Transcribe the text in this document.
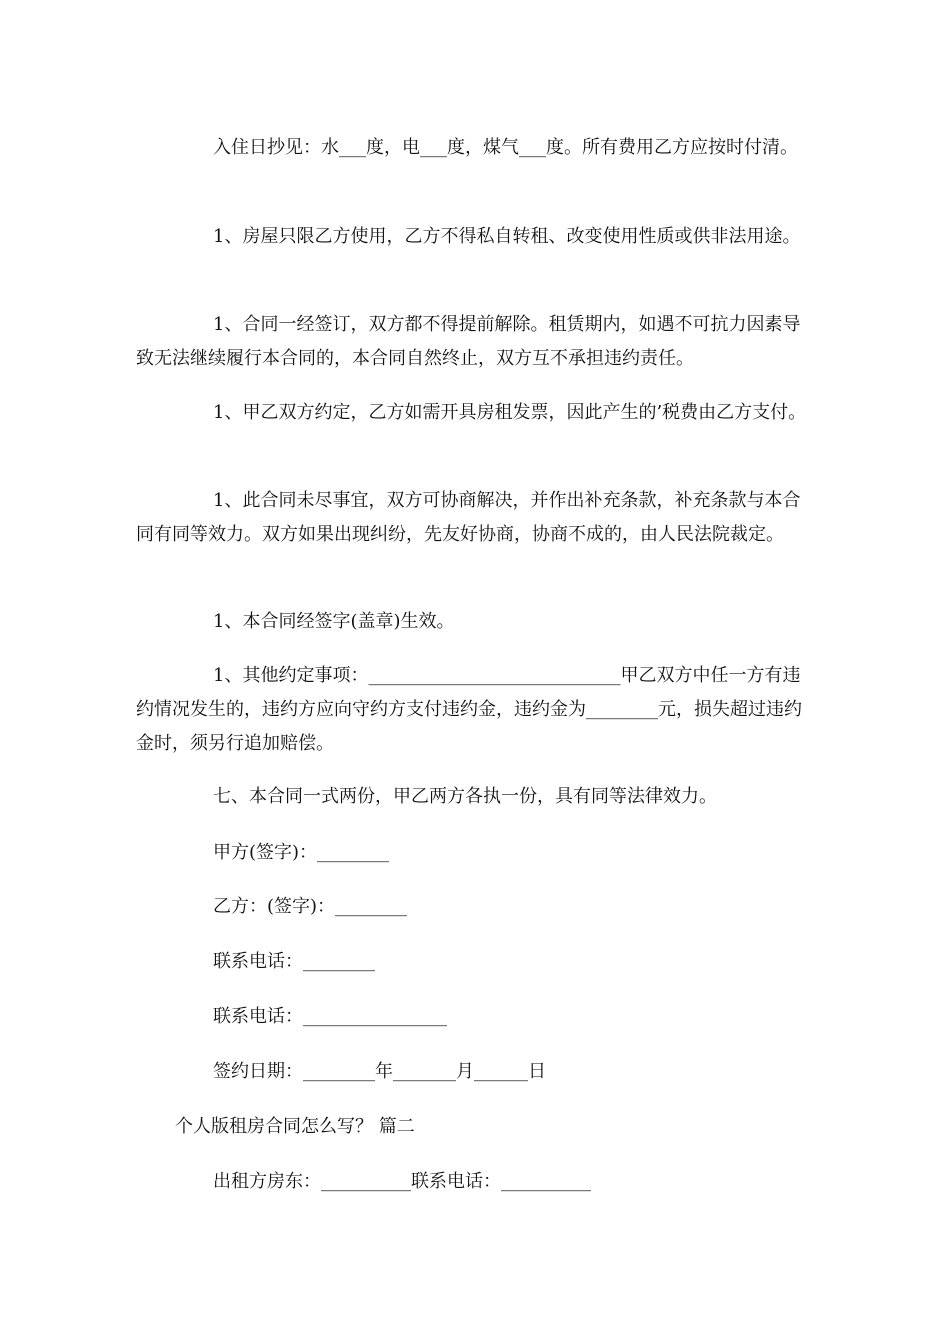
入住日抄见：水___度，电___度，煤气___度。所有费用乙方应按时付清。

1、房屋只限乙方使用，乙方不得私自转租、改变使用性质或供非法用途。

1、合同一经签订，双方都不得提前解除。租赁期内，如遇不可抗力因素导致无法继续履行本合同的，本合同自然终止，双方互不承担违约责任。

1、甲乙双方约定，乙方如需开具房租发票，因此产生的’税费由乙方支付。

1、此合同未尽事宜，双方可协商解决，并作出补充条款，补充条款与本合同有同等效力。双方如果出现纠纷，先友好协商，协商不成的，由人民法院裁定。

1、本合同经签字(盖章)生效。

1、其他约定事项：____________________________甲乙双方中任一方有违约情况发生的，违约方应向守约方支付违约金，违约金为________元，损失超过违约金时，须另行追加赔偿。

七、本合同一式两份，甲乙两方各执一份，具有同等法律效力。

甲方(签字)：________

乙方：(签字)：________

联系电话：________

联系电话：________________

签约日期：________年_______月______日

个人版租房合同怎么写？ 篇二

出租方房东：__________联系电话：__________
